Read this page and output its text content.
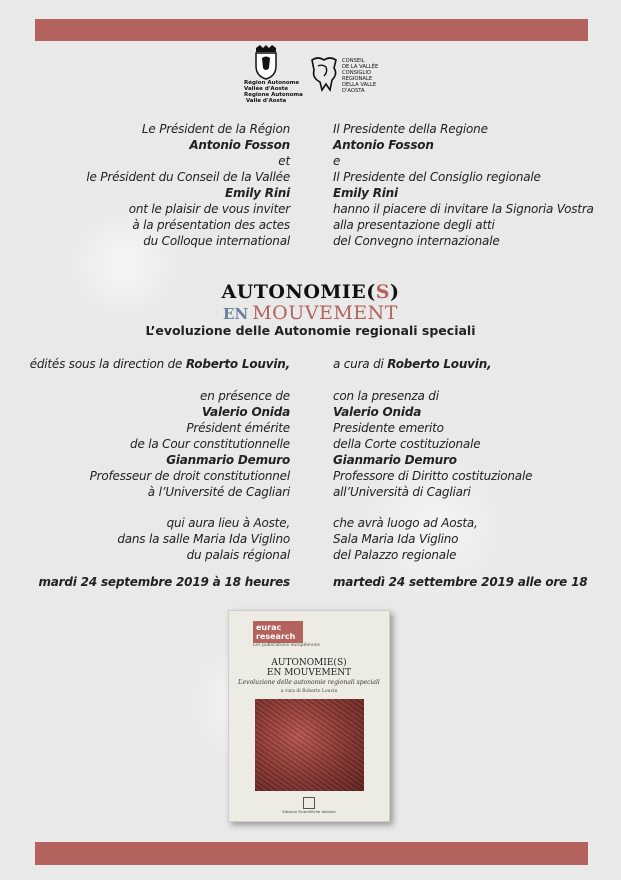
Région Autonome
Vallée d'Aoste
Regione Autonoma
Valle d'Aosta
CONSEIL
DE LA VALLÉE
CONSIGLIO
REGIONALE
DELLA VALLE
D'AOSTA
Le Président de la Région
Antonio Fosson
et
le Président du Conseil de la Vallée
Emily Rini
ont le plaisir de vous inviter
à la présentation des actes
du Colloque international
Il Presidente della Regione
Antonio Fosson
e
Il Presidente del Consiglio regionale
Emily Rini
hanno il piacere di invitare la Signoria Vostra
alla presentazione degli atti
del Convegno internazionale
AUTONOMIE(S)
EN MOUVEMENT
L’evoluzione delle Autonomie regionali speciali
édités sous la direction de Roberto Louvin,	a cura di Roberto Louvin,
en présence de
Valerio Onida
Président émérite
de la Cour constitutionnelle
Gianmario Demuro
Professeur de droit constitutionnel
à l’Université de Cagliari
con la presenza di
Valerio Onida
Presidente emerito
della Corte costituzionale
Gianmario Demuro
Professore di Diritto costituzionale
all’Università di Cagliari
qui aura lieu à Aoste,
dans la salle Maria Ida Viglino
du palais régional
che avrà luogo ad Aosta,
Sala Maria Ida Viglino
del Palazzo regionale
mardi 24 septembre 2019 à 18 heures	martedì 24 settembre 2019 alle ore 18
eurac
research
Les publications européennes
AUTONOMIE(S)
EN MOUVEMENT
L’evoluzione delle autonomie regionali speciali
a cura di Roberto Louvin
Edizioni Scientifiche Italiane
